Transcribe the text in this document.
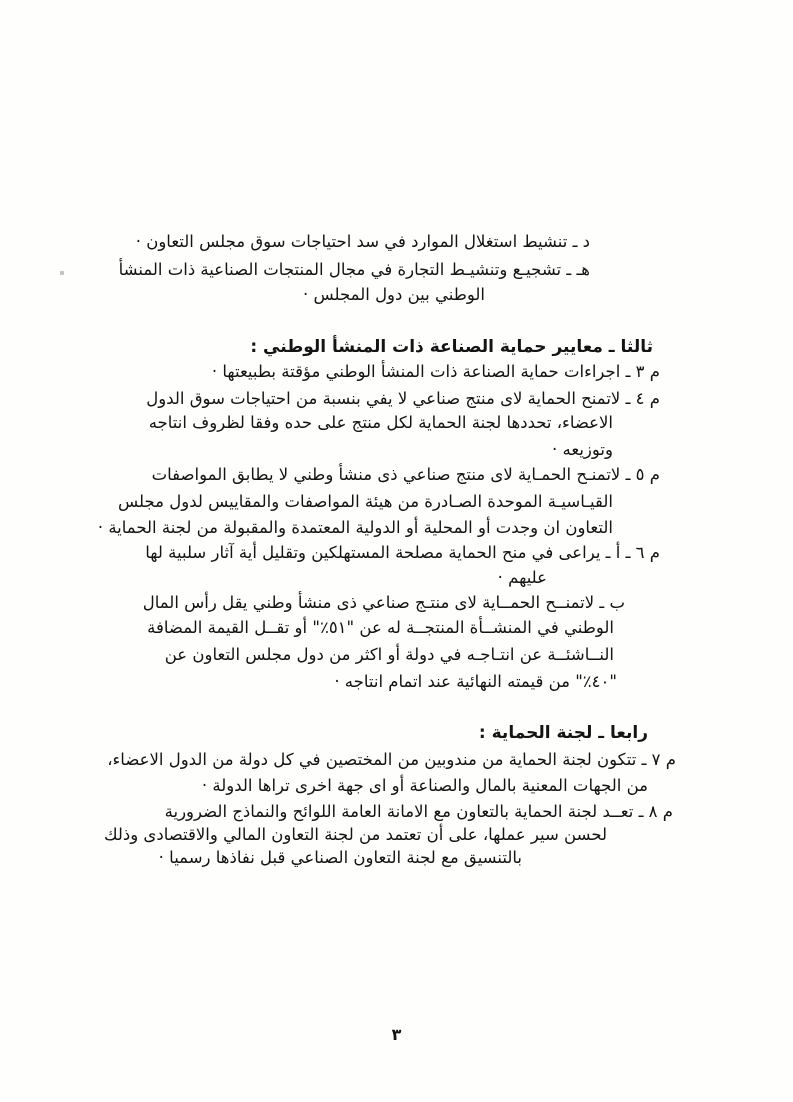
د ـ تنشيط استغلال الموارد في سد احتياجات سوق مجلس التعاون ·
هـ ـ تشجيـع وتنشيـط التجارة في مجال المنتجات الصناعية ذات المنشأ
الوطني بين دول المجلس ·
ثالثا ـ معايير حماية الصناعة ذات المنشأ الوطني :
م ٣ ـ اجراءات حماية الصناعة ذات المنشأ الوطني مؤقتة بطبيعتها ·
م ٤ ـ لاتمنح الحماية لاى منتج صناعي لا يفي بنسبة من احتياجات سوق الدول
الاعضاء، تحددها لجنة الحماية لكل منتج على حده وفقا لظروف انتاجه
وتوزيعه ·
م ٥ ـ لاتمنـح الحمـاية لاى منتج صناعي ذى منشأ وطني لا يطابق المواصفات
القيـاسيـة الموحدة الصـادرة من هيئة المواصفات والمقاييس لدول مجلس
التعاون ان وجدت أو المحلية أو الدولية المعتمدة والمقبولة من لجنة الحماية ·
م ٦ ـ أ ـ يراعى في منح الحماية مصلحة المستهلكين وتقليل أية آثار سلبية لها
عليهم ·
ب ـ لاتمنــح الحمــاية لاى منتـج صناعي ذى منشأ وطني يقل رأس المال
الوطني في المنشــأة المنتجــة له عن "٥١٪" أو تقــل القيمة المضافة
النــاشئــة عن انتـاجـه في دولة أو اكثر من دول مجلس التعاون عن
"٤٠٪" من قيمته النهائية عند اتمام انتاجه ·
رابعا ـ لجنة الحماية :
م ٧ ـ تتكون لجنة الحماية من مندوبين من المختصين في كل دولة من الدول الاعضاء،
من الجهات المعنية بالمال والصناعة أو اى جهة اخرى تراها الدولة ·
م ٨ ـ تعــد لجنة الحماية بالتعاون مع الامانة العامة اللوائح والنماذج الضرورية
لحسن سير عملها، على أن تعتمد من لجنة التعاون المالي والاقتصادى وذلك
بالتنسيق مع لجنة التعاون الصناعي قبل نفاذها رسميا ·
٣
